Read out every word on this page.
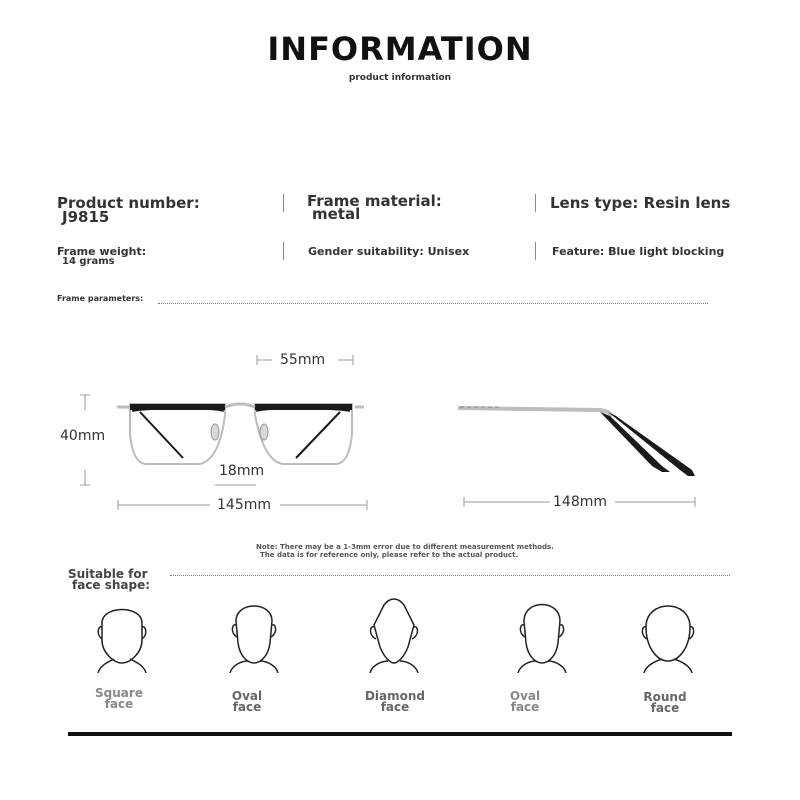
INFORMATION
product information
Product number:
J9815
Frame material:
metal
Lens type: Resin lens
Frame weight:
14 grams
Gender suitability: Unisex	Feature: Blue light blocking
Frame parameters:
55mm
40mm
18mm
145mm	148mm
Note: There may be a 1-3mm error due to different measurement methods.
The data is for reference only, please refer to the actual product.
Suitable for
face shape:
Square
face
Oval
face
Diamond
face
Oval
face
Round
face
